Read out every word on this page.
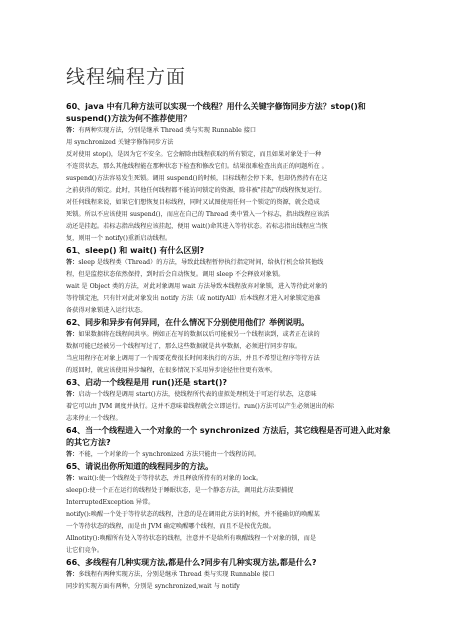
线程编程方面
60、java 中有几种方法可以实现一个线程？用什么关键字修饰同步方法？stop()和
suspend()方法为何不推荐使用？
答：有两种实现方法，分别是继承 Thread 类与实现 Runnable 接口
用 synchronized 关键字修饰同步方法
反对使用 stop()，是因为它不安全。它会解除由线程获取的所有锁定，而且如果对象处于一种
不连贯状态，那么其他线程能在那种状态下检查和修改它们。结果很难检查出真正的问题所在 。
suspend()方法容易发生死锁。调用 suspend()的时候，目标线程会停下来，但却仍然持有在这
之前获得的锁定。此时，其他任何线程都不能访问锁定的资源，除非被"挂起"的线程恢复运行。
对任何线程来说，如果它们想恢复目标线程，同时又试图使用任何一个锁定的资源，就会造成
死锁。所以不应该使用 suspend()，而应在自己的 Thread 类中置入一个标志，指出线程应该活
动还是挂起。若标志指出线程应该挂起，便用 wait()命其进入等待状态。若标志指出线程应当恢
复，则用一个 notify()重新启动线程。
61、sleep() 和 wait() 有什么区别?
答：sleep 是线程类（Thread）的方法，导致此线程暂停执行指定时间，给执行机会给其他线
程，但是监控状态依然保持，到时后会自动恢复。调用 sleep 不会释放对象锁。
wait 是 Object 类的方法，对此对象调用 wait 方法导致本线程放弃对象锁，进入等待此对象的
等待锁定池，只有针对此对象发出 notify 方法（或 notifyAll）后本线程才进入对象锁定池准
备获得对象锁进入运行状态。
62、同步和异步有何异同，在什么情况下分别使用他们？举例说明。
答：如果数据将在线程间共享。例如正在写的数据以后可能被另一个线程读到，或者正在读的
数据可能已经被另一个线程写过了，那么这些数据就是共享数据，必须进行同步存取。
当应用程序在对象上调用了一个需要花费很长时间来执行的方法，并且不希望让程序等待方法
的返回时，就应该使用异步编程，在很多情况下采用异步途径往往更有效率。
63、启动一个线程是用 run()还是 start()?
答：启动一个线程是调用 start()方法，使线程所代表的虚拟处理机处于可运行状态，这意味
着它可以由 JVM 调度并执行。这并不意味着线程就会立即运行。run()方法可以产生必须退出的标
志来停止一个线程。
64、当一个线程进入一个对象的一个 synchronized 方法后，其它线程是否可进入此对象
的其它方法?
答：不能，一个对象的一个 synchronized 方法只能由一个线程访问。
65、请说出你所知道的线程同步的方法。
答：wait():使一个线程处于等待状态，并且释放所持有的对象的 lock。
sleep():使一个正在运行的线程处于睡眠状态，是一个静态方法，调用此方法要捕捉
InterruptedException 异常。
notify():唤醒一个处于等待状态的线程，注意的是在调用此方法的时候，并不能确切的唤醒某
一个等待状态的线程，而是由 JVM 确定唤醒哪个线程，而且不是按优先级。
Allnotity():唤醒所有处入等待状态的线程，注意并不是给所有唤醒线程一个对象的锁，而是
让它们竞争。
66、多线程有几种实现方法,都是什么?同步有几种实现方法,都是什么?
答：多线程有两种实现方法，分别是继承 Thread 类与实现 Runnable 接口
同步的实现方面有两种，分别是 synchronized,wait 与 notify
